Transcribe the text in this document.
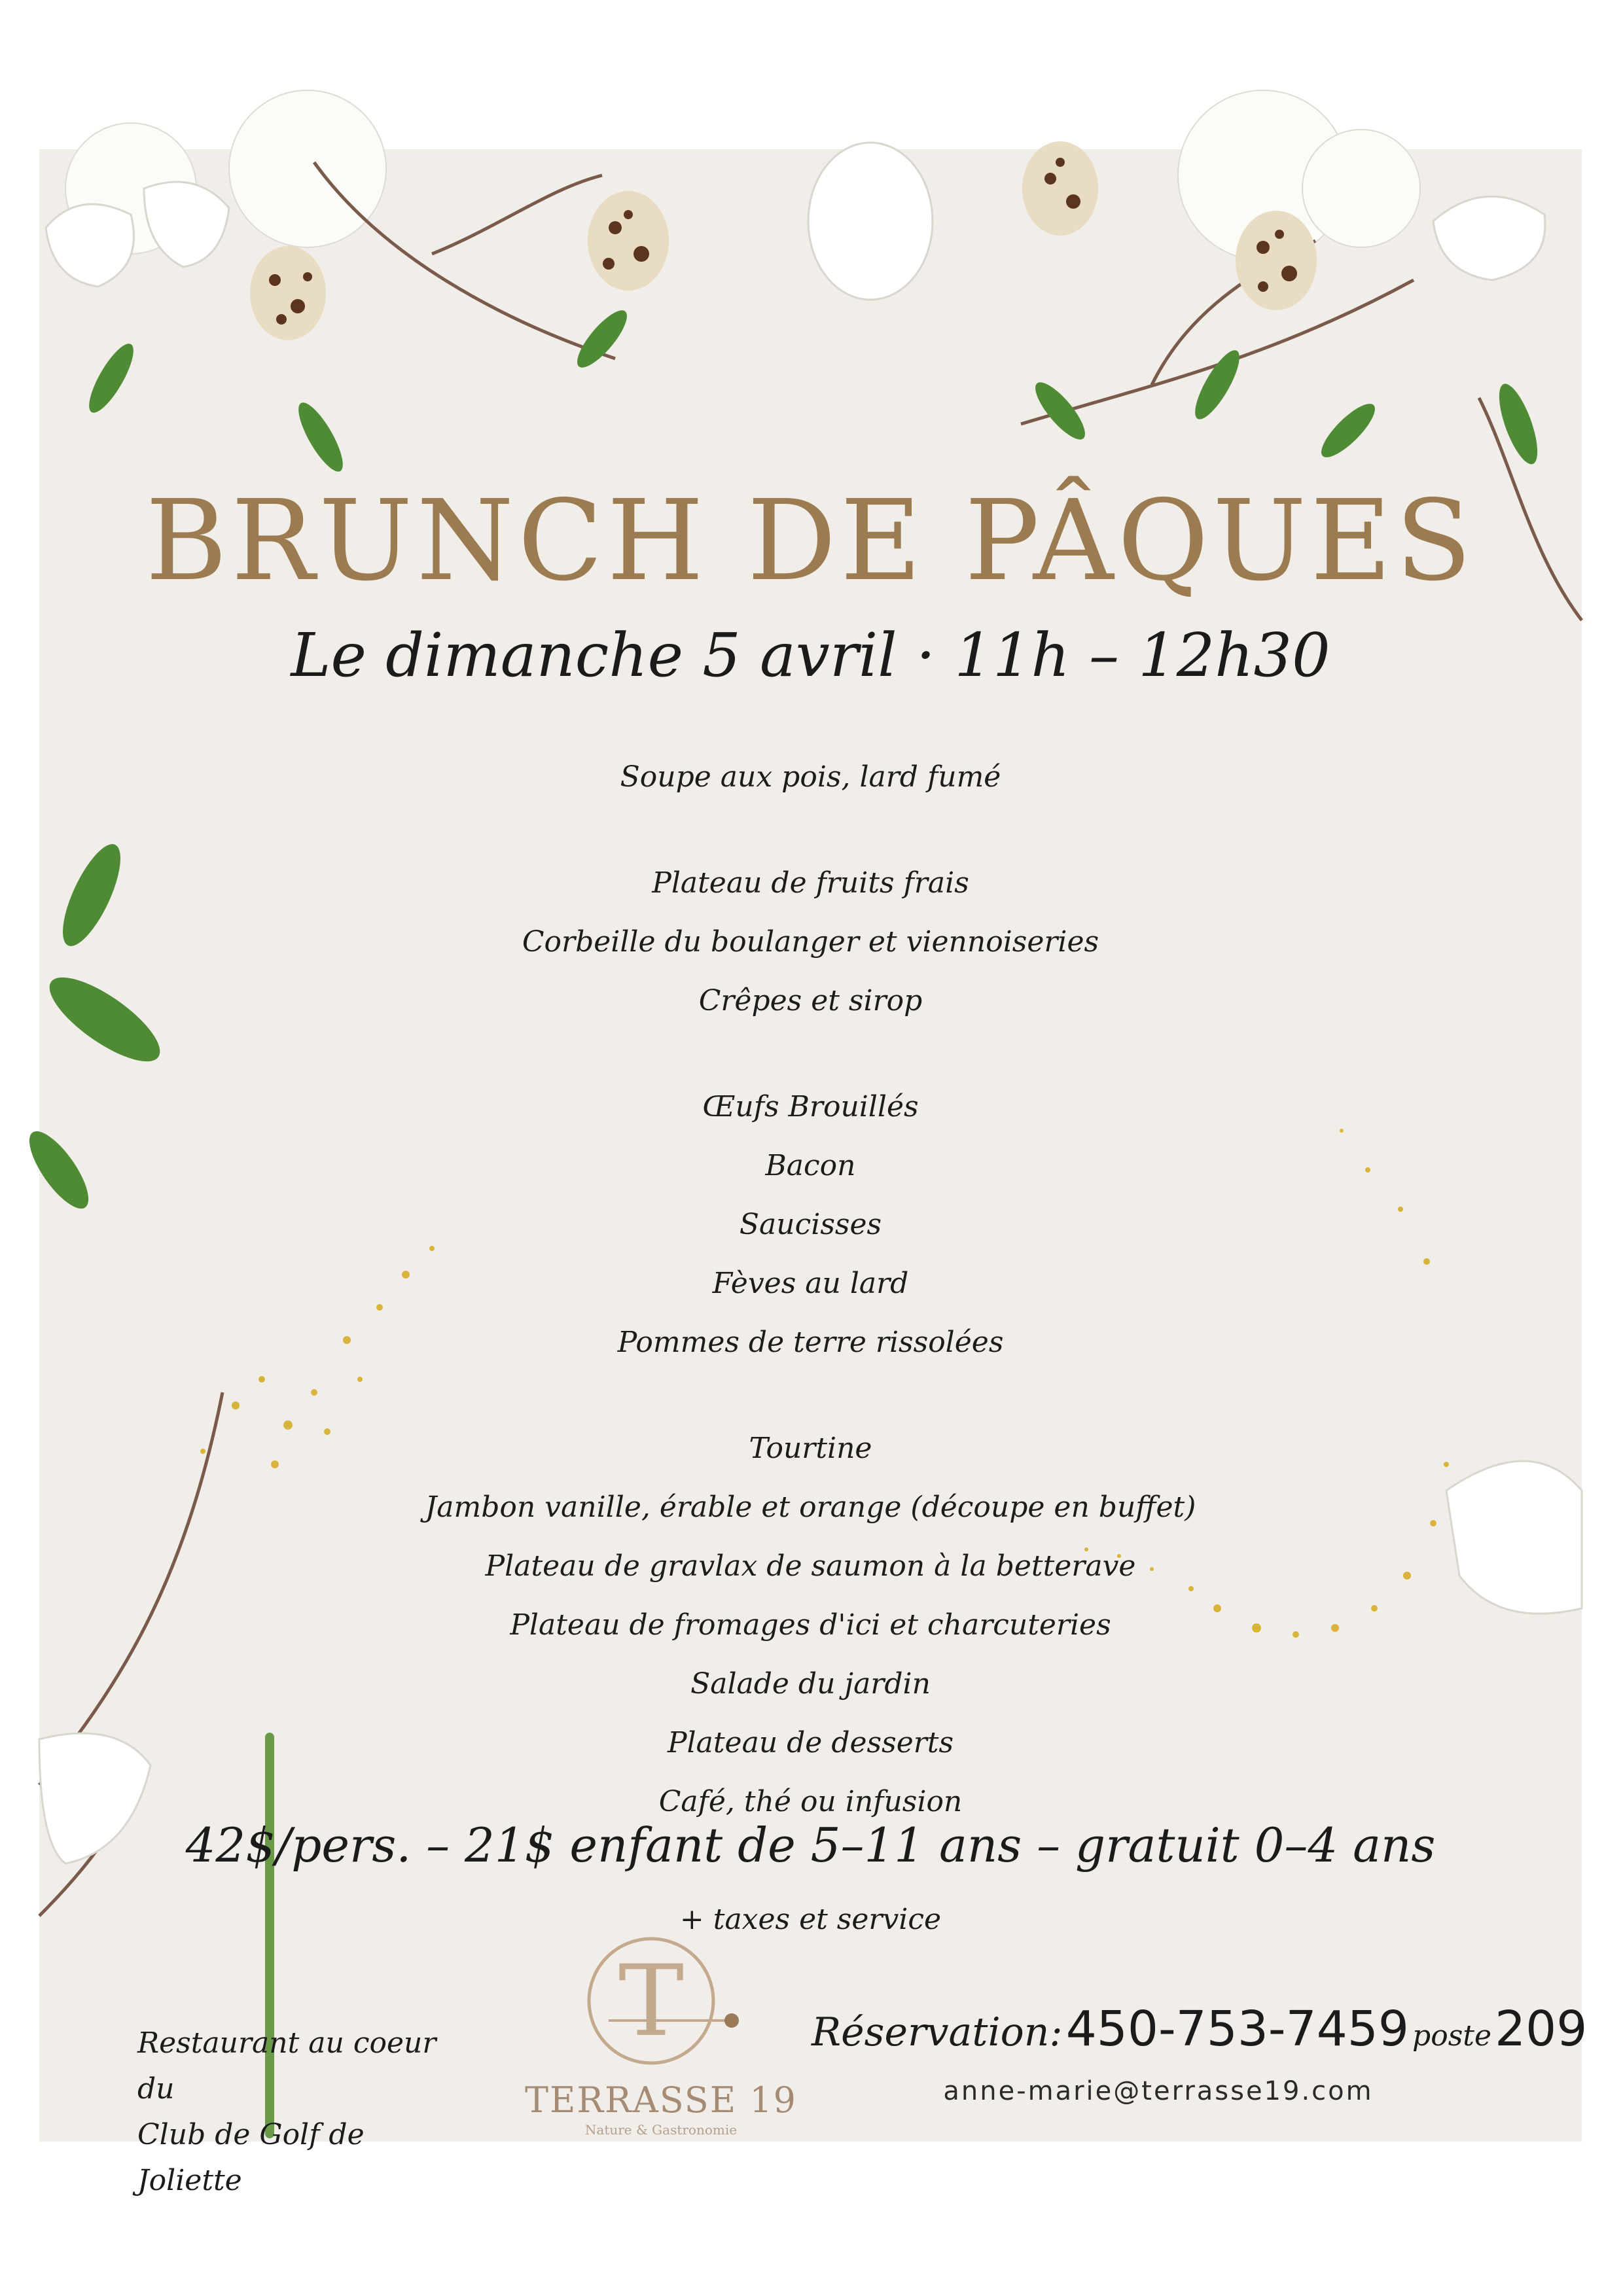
BRUNCH DE PÂQUES
Le dimanche 5 avril · 11h – 12h30
Soupe aux pois, lard fumé
Plateau de fruits frais
Corbeille du boulanger et viennoiseries
Crêpes et sirop
Œufs Brouillés
Bacon
Saucisses
Fèves au lard
Pommes de terre rissolées
Tourtine
Jambon vanille, érable et orange (découpe en buffet)
Plateau de gravlax de saumon à la betterave
Plateau de fromages d'ici et charcuteries
Salade du jardin
Plateau de desserts
Café, thé ou infusion
42$/pers. – 21$ enfant de 5–11 ans – gratuit 0–4 ans
+ taxes et service
Restaurant au coeur du
Club de Golf de Joliette
T
TERRASSE 19
Nature & Gastronomie
Réservation: 450-753-7459 poste 209
anne-marie@terrasse19.com
